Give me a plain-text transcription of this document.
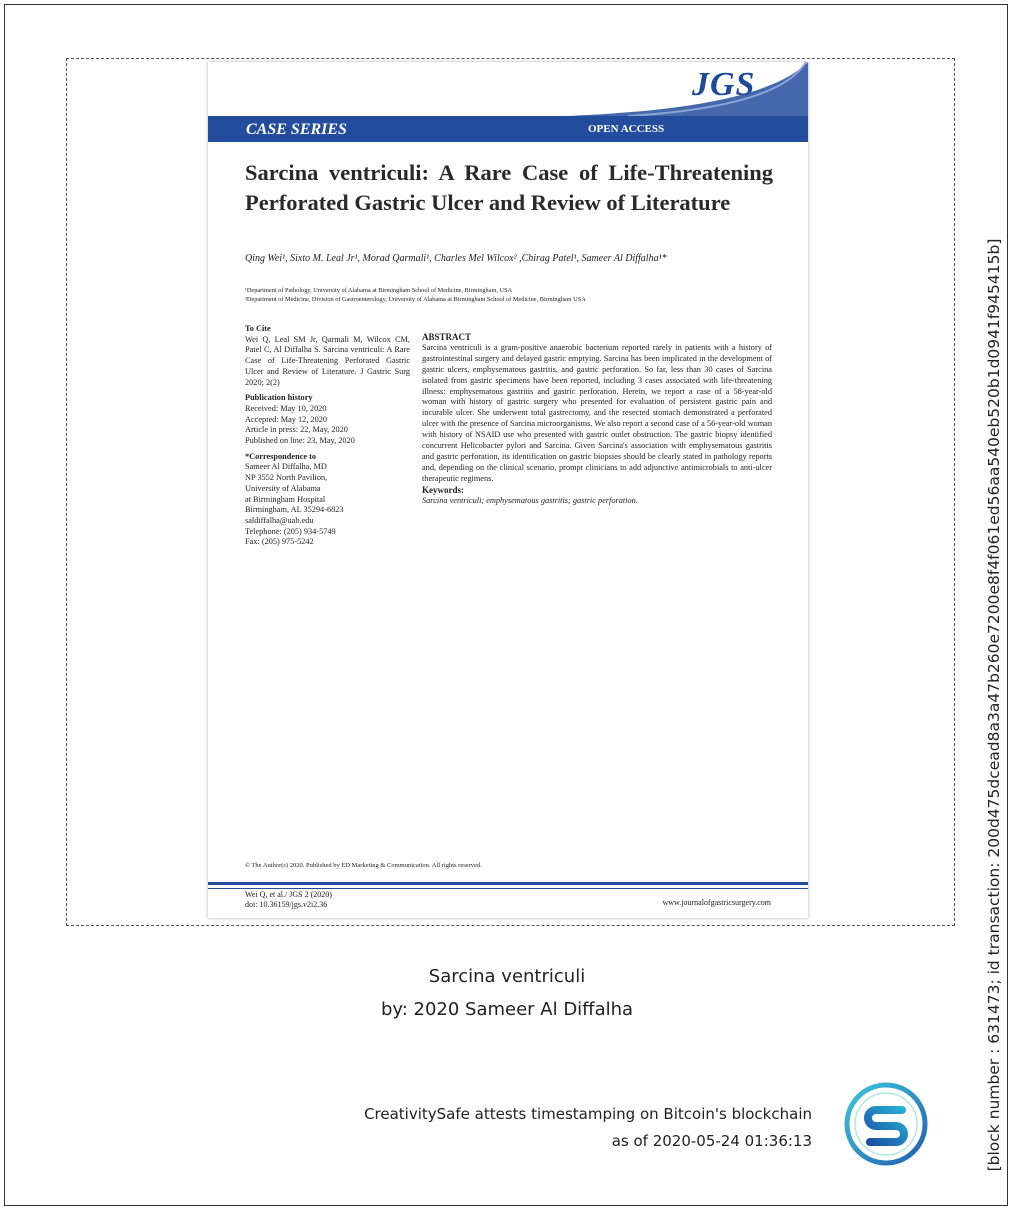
JGS
CASE SERIES	OPEN ACCESS
Sarcina ventriculi: A Rare Case of Life-Threatening Perforated Gastric Ulcer and Review of Literature
Qing Wei¹, Sixto M. Leal Jr¹, Morad Qarmali¹, Charles Mel Wilcox² ,Chirag Patel¹, Sameer Al Diffalha¹*
¹Department of Pathology, University of Alabama at Birmingham School of Medicine, Birmingham, USA
²Department of Medicine, Division of Gastroenterology, University of Alabama at Birmingham School of Medicine, Birmingham USA
To Cite
Wei Q, Leal SM Jr, Qarmali M, Wilcox CM, Patel C, Al Diffalha S. Sarcina ventriculi: A Rare Case of Life-Threatening Perforated Gastric Ulcer and Review of Literature. J Gastric Surg 2020; 2(2)
Publication history
Received: May 10, 2020
Accepted: May 12, 2020
Article in press: 22, May, 2020
Published on line: 23, May, 2020
*Correspondence to
Sameer Al Diffalha, MD
NP 3552 North Pavilion,
University of Alabama
at Birmingham Hospital
Birmingham, AL 35294-6823
saldiffalha@uab.edu
Telephone: (205) 934-5749
Fax: (205) 975-5242
ABSTRACT
Sarcina ventriculi is a gram-positive anaerobic bacterium reported rarely in patients with a history of gastrointestinal surgery and delayed gastric emptying. Sarcina has been implicated in the development of gastric ulcers, emphysematous gastritis, and gastric perforation. So far, less than 30 cases of Sarcina isolated from gastric specimens have been reported, including 3 cases associated with life-threatening illness: emphysematous gastritis and gastric perforation. Herein, we report a case of a 58-year-old woman with history of gastric surgery who presented for evaluation of persistent gastric pain and incurable ulcer. She underwent total gastrectomy, and the resected stomach demonstrated a perforated ulcer with the presence of Sarcina microorganisms. We also report a second case of a 56-year-old woman with history of NSAID use who presented with gastric outlet obstruction. The gastric biopsy identified concurrent Helicobacter pylori and Sarcina. Given Sarcina's association with emphysematous gastritis and gastric perforation, its identification on gastric biopsies should be clearly stated in pathology reports and, depending on the clinical scenario, prompt clinicians to add adjunctive antimicrobials to anti-ulcer therapeutic regimens.
Keywords:
Sarcina ventriculi; emphysematous gastritis; gastric perforation.
© The Author(s) 2020. Published by ED Marketing & Communication. All rights reserved.
Wei Q, et al./ JGS 2 (2020)
doi: 10.36159/jgs.v2i2.36	www.journalofgastricsurgery.com
Sarcina ventriculi
by: 2020 Sameer Al Diffalha
CreativitySafe attests timestamping on Bitcoin's blockchain
as of 2020-05-24 01:36:13	[block number : 631473; id transaction: 200d475dcead8a3a47b260e7200e8f4f061ed56aa540eb520b1d0941f945415b]
